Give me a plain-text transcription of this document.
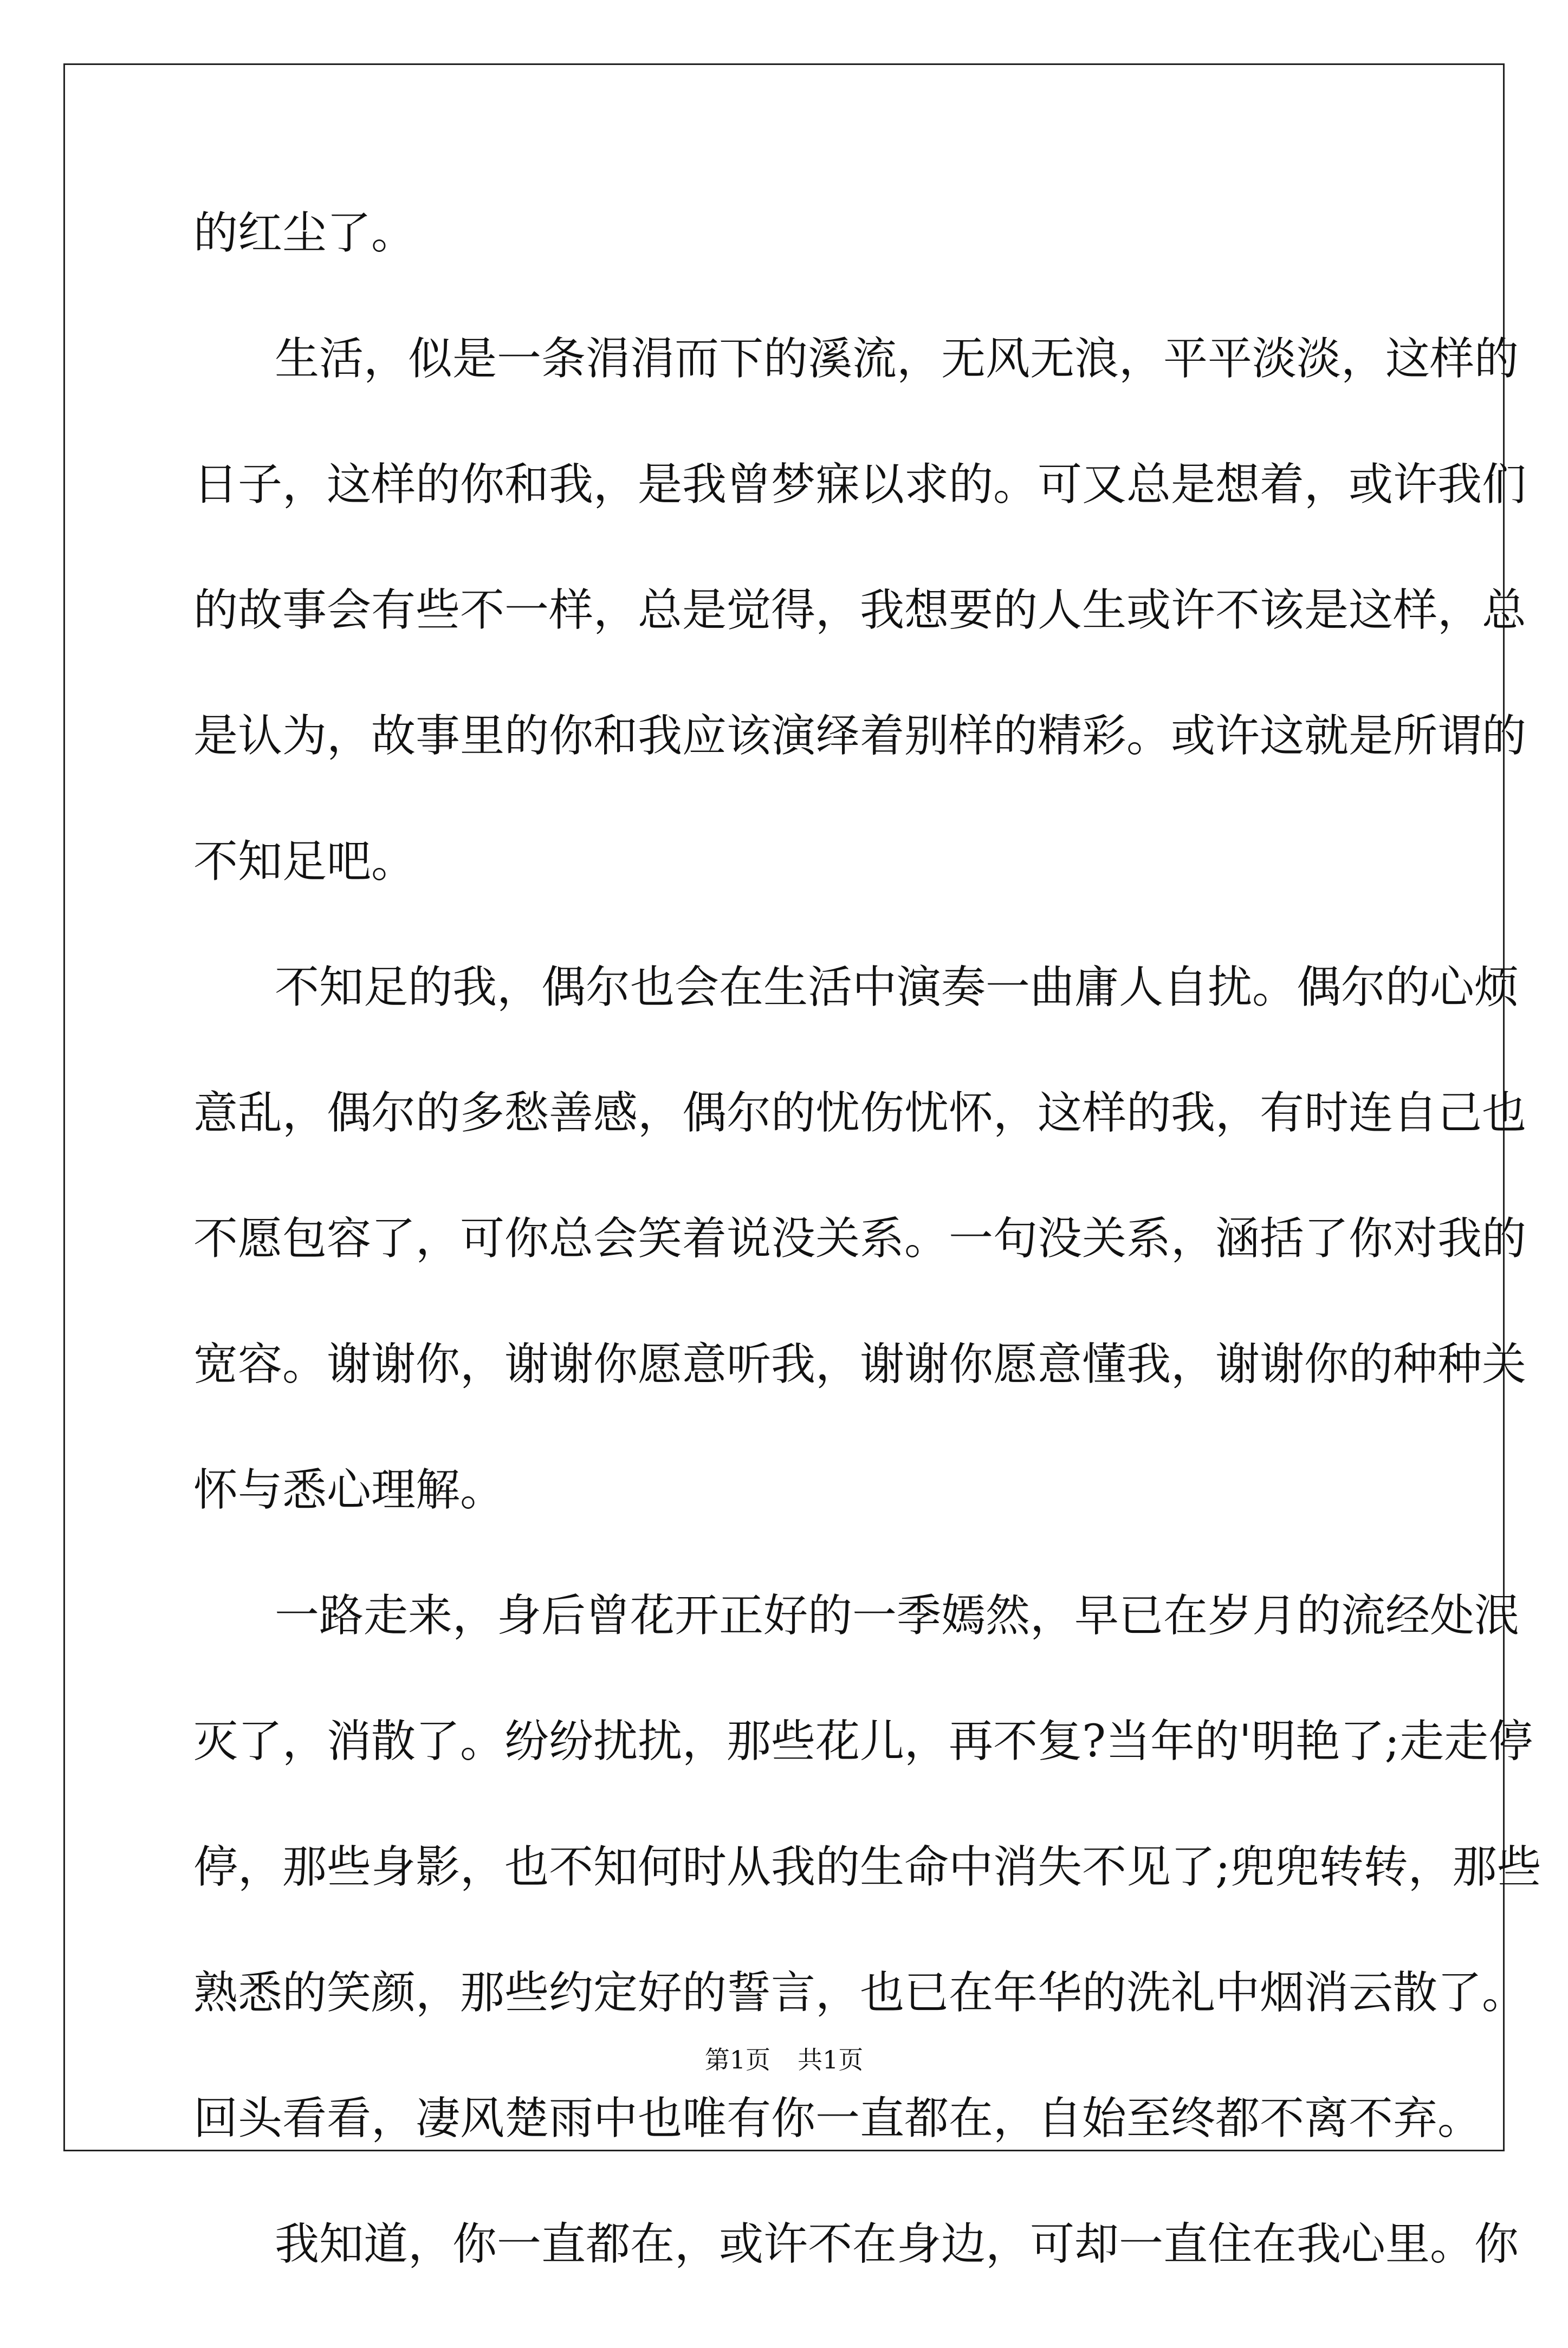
的红尘了。
生活，似是一条涓涓而下的溪流，无风无浪，平平淡淡，这样的
日子，这样的你和我，是我曾梦寐以求的。可又总是想着，或许我们
的故事会有些不一样，总是觉得，我想要的人生或许不该是这样，总
是认为，故事里的你和我应该演绎着别样的精彩。或许这就是所谓的
不知足吧。
不知足的我，偶尔也会在生活中演奏一曲庸人自扰。偶尔的心烦
意乱，偶尔的多愁善感，偶尔的忧伤忧怀，这样的我，有时连自己也
不愿包容了，可你总会笑着说没关系。一句没关系，涵括了你对我的
宽容。谢谢你，谢谢你愿意听我，谢谢你愿意懂我，谢谢你的种种关
怀与悉心理解。
一路走来，身后曾花开正好的一季嫣然，早已在岁月的流经处泯
灭了，消散了。纷纷扰扰，那些花儿，再不复?当年的'明艳了;走走停
停，那些身影，也不知何时从我的生命中消失不见了;兜兜转转，那些
熟悉的笑颜，那些约定好的誓言，也已在年华的洗礼中烟消云散了。
回头看看，凄风楚雨中也唯有你一直都在，自始至终都不离不弃。
我知道，你一直都在，或许不在身边，可却一直住在我心里。你
第1页 共1页
